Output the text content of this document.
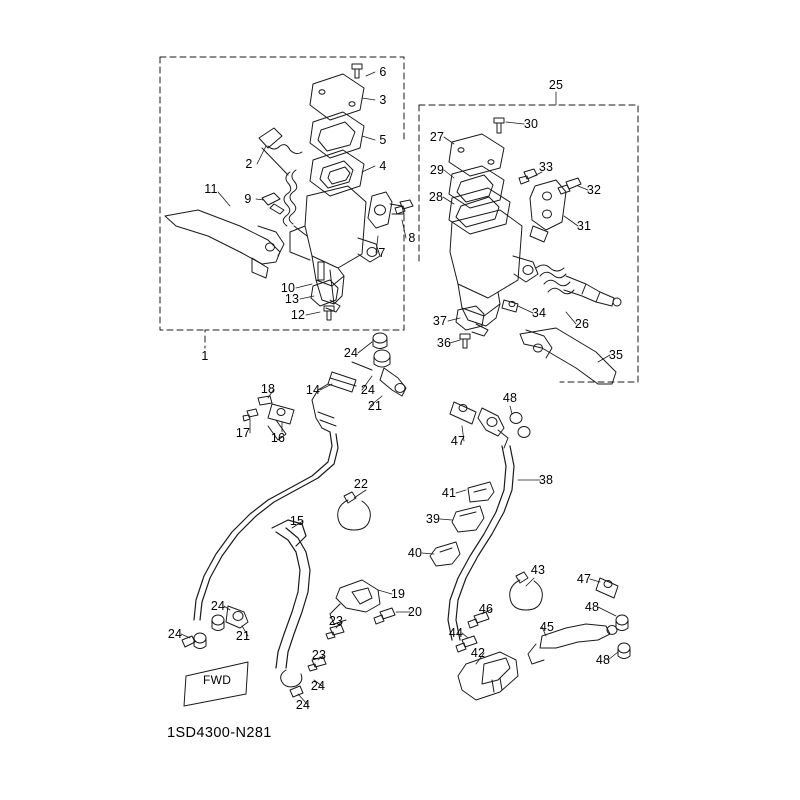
1
2
3
4
5
6
7
8
9
10
11
12
13
14
15
16
17
18
19
20
21
21
22
23
23
24
24
24
24
24
24
25
26
27
28
29
30
31
32
33
34
35
36
37
38
39
40
41
42
43
44	45
46
47
47
48
48
48
FWD
1SD4300-N281
